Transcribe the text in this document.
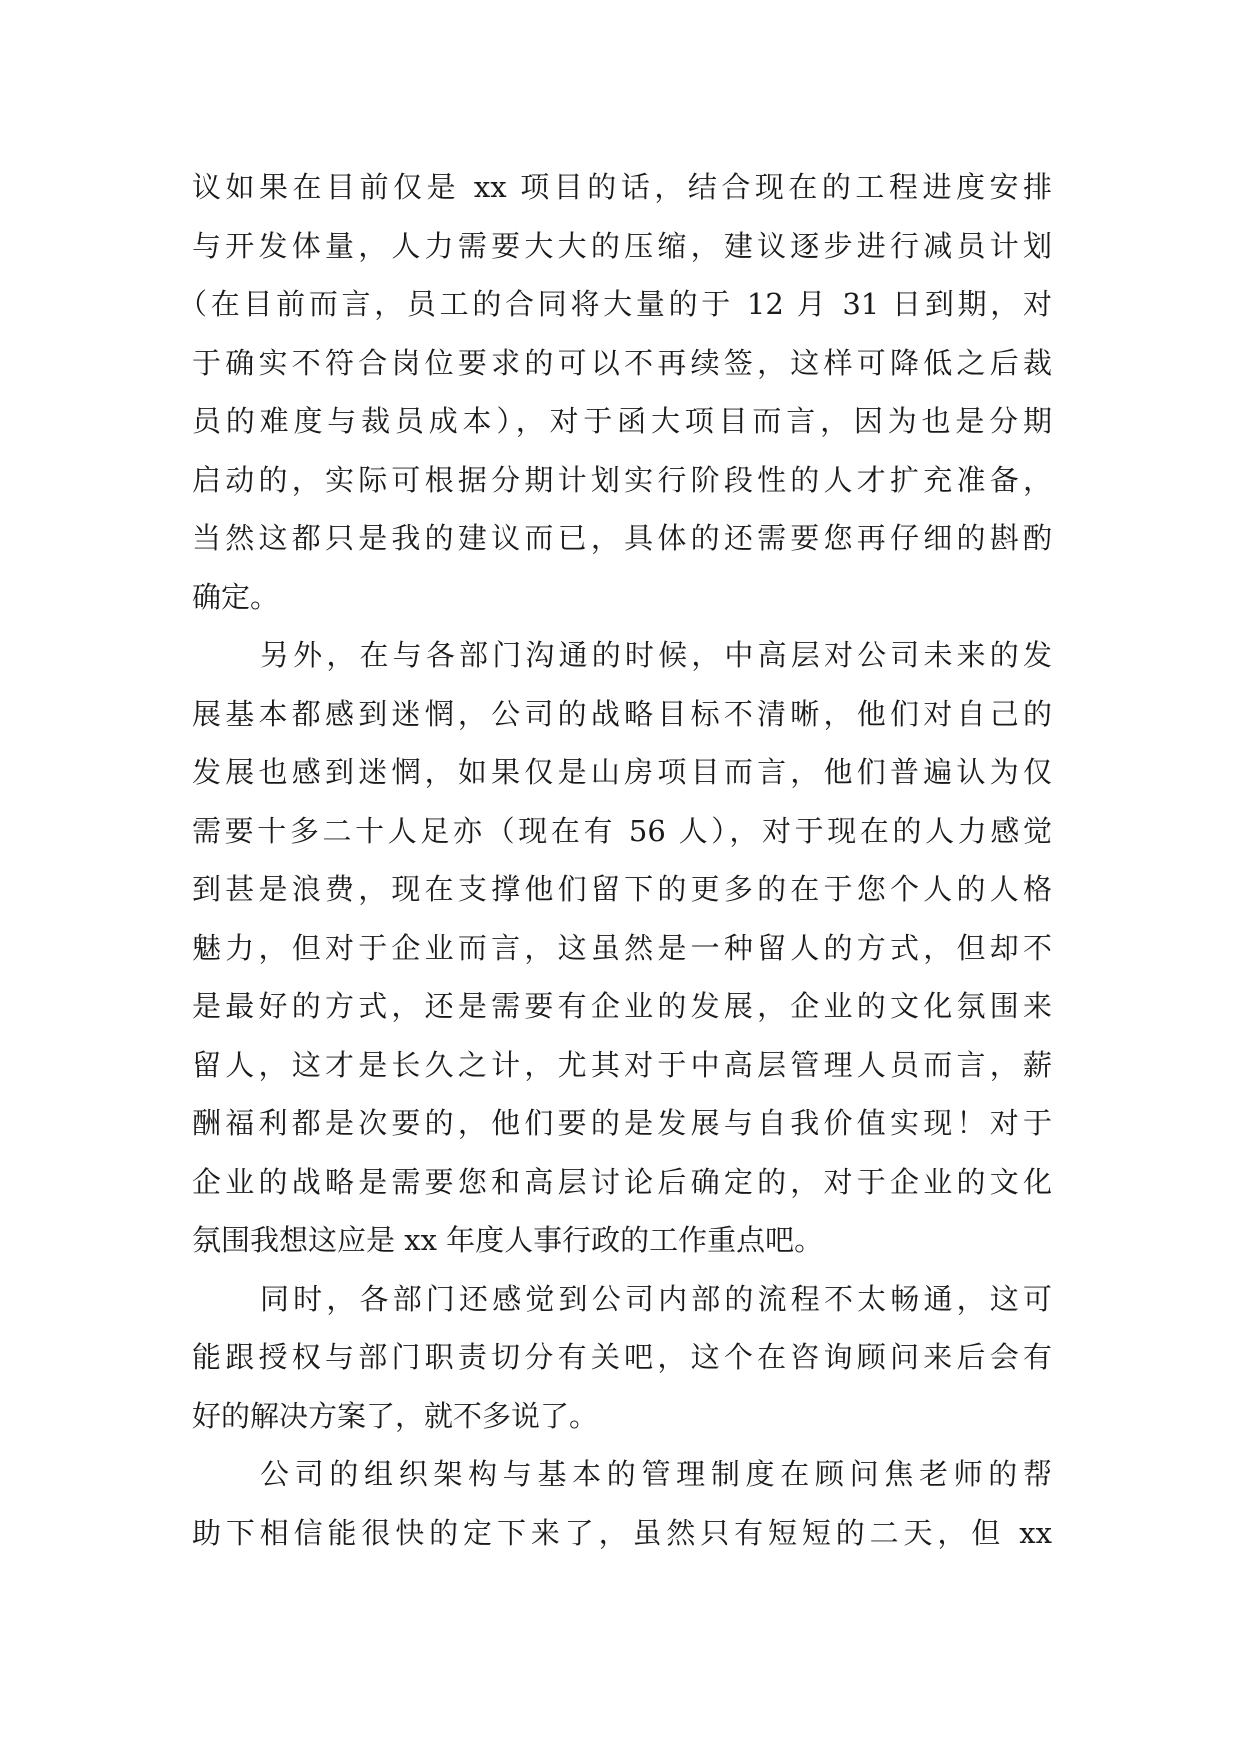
议如果在目前仅是 xx 项目的话，结合现在的工程进度安排
与开发体量，人力需要大大的压缩，建议逐步进行减员计划
（在目前而言，员工的合同将大量的于 12 月 31 日到期，对
于确实不符合岗位要求的可以不再续签，这样可降低之后裁
员的难度与裁员成本），对于函大项目而言，因为也是分期
启动的，实际可根据分期计划实行阶段性的人才扩充准备，
当然这都只是我的建议而已，具体的还需要您再仔细的斟酌
确定。
另外，在与各部门沟通的时候，中高层对公司未来的发
展基本都感到迷惘，公司的战略目标不清晰，他们对自己的
发展也感到迷惘，如果仅是山房项目而言，他们普遍认为仅
需要十多二十人足亦（现在有 56 人），对于现在的人力感觉
到甚是浪费，现在支撑他们留下的更多的在于您个人的人格
魅力，但对于企业而言，这虽然是一种留人的方式，但却不
是最好的方式，还是需要有企业的发展，企业的文化氛围来
留人，这才是长久之计，尤其对于中高层管理人员而言，薪
酬福利都是次要的，他们要的是发展与自我价值实现！对于
企业的战略是需要您和高层讨论后确定的，对于企业的文化
氛围我想这应是 xx 年度人事行政的工作重点吧。
同时，各部门还感觉到公司内部的流程不太畅通，这可
能跟授权与部门职责切分有关吧，这个在咨询顾问来后会有
好的解决方案了，就不多说了。
公司的组织架构与基本的管理制度在顾问焦老师的帮
助下相信能很快的定下来了，虽然只有短短的二天，但 xx
